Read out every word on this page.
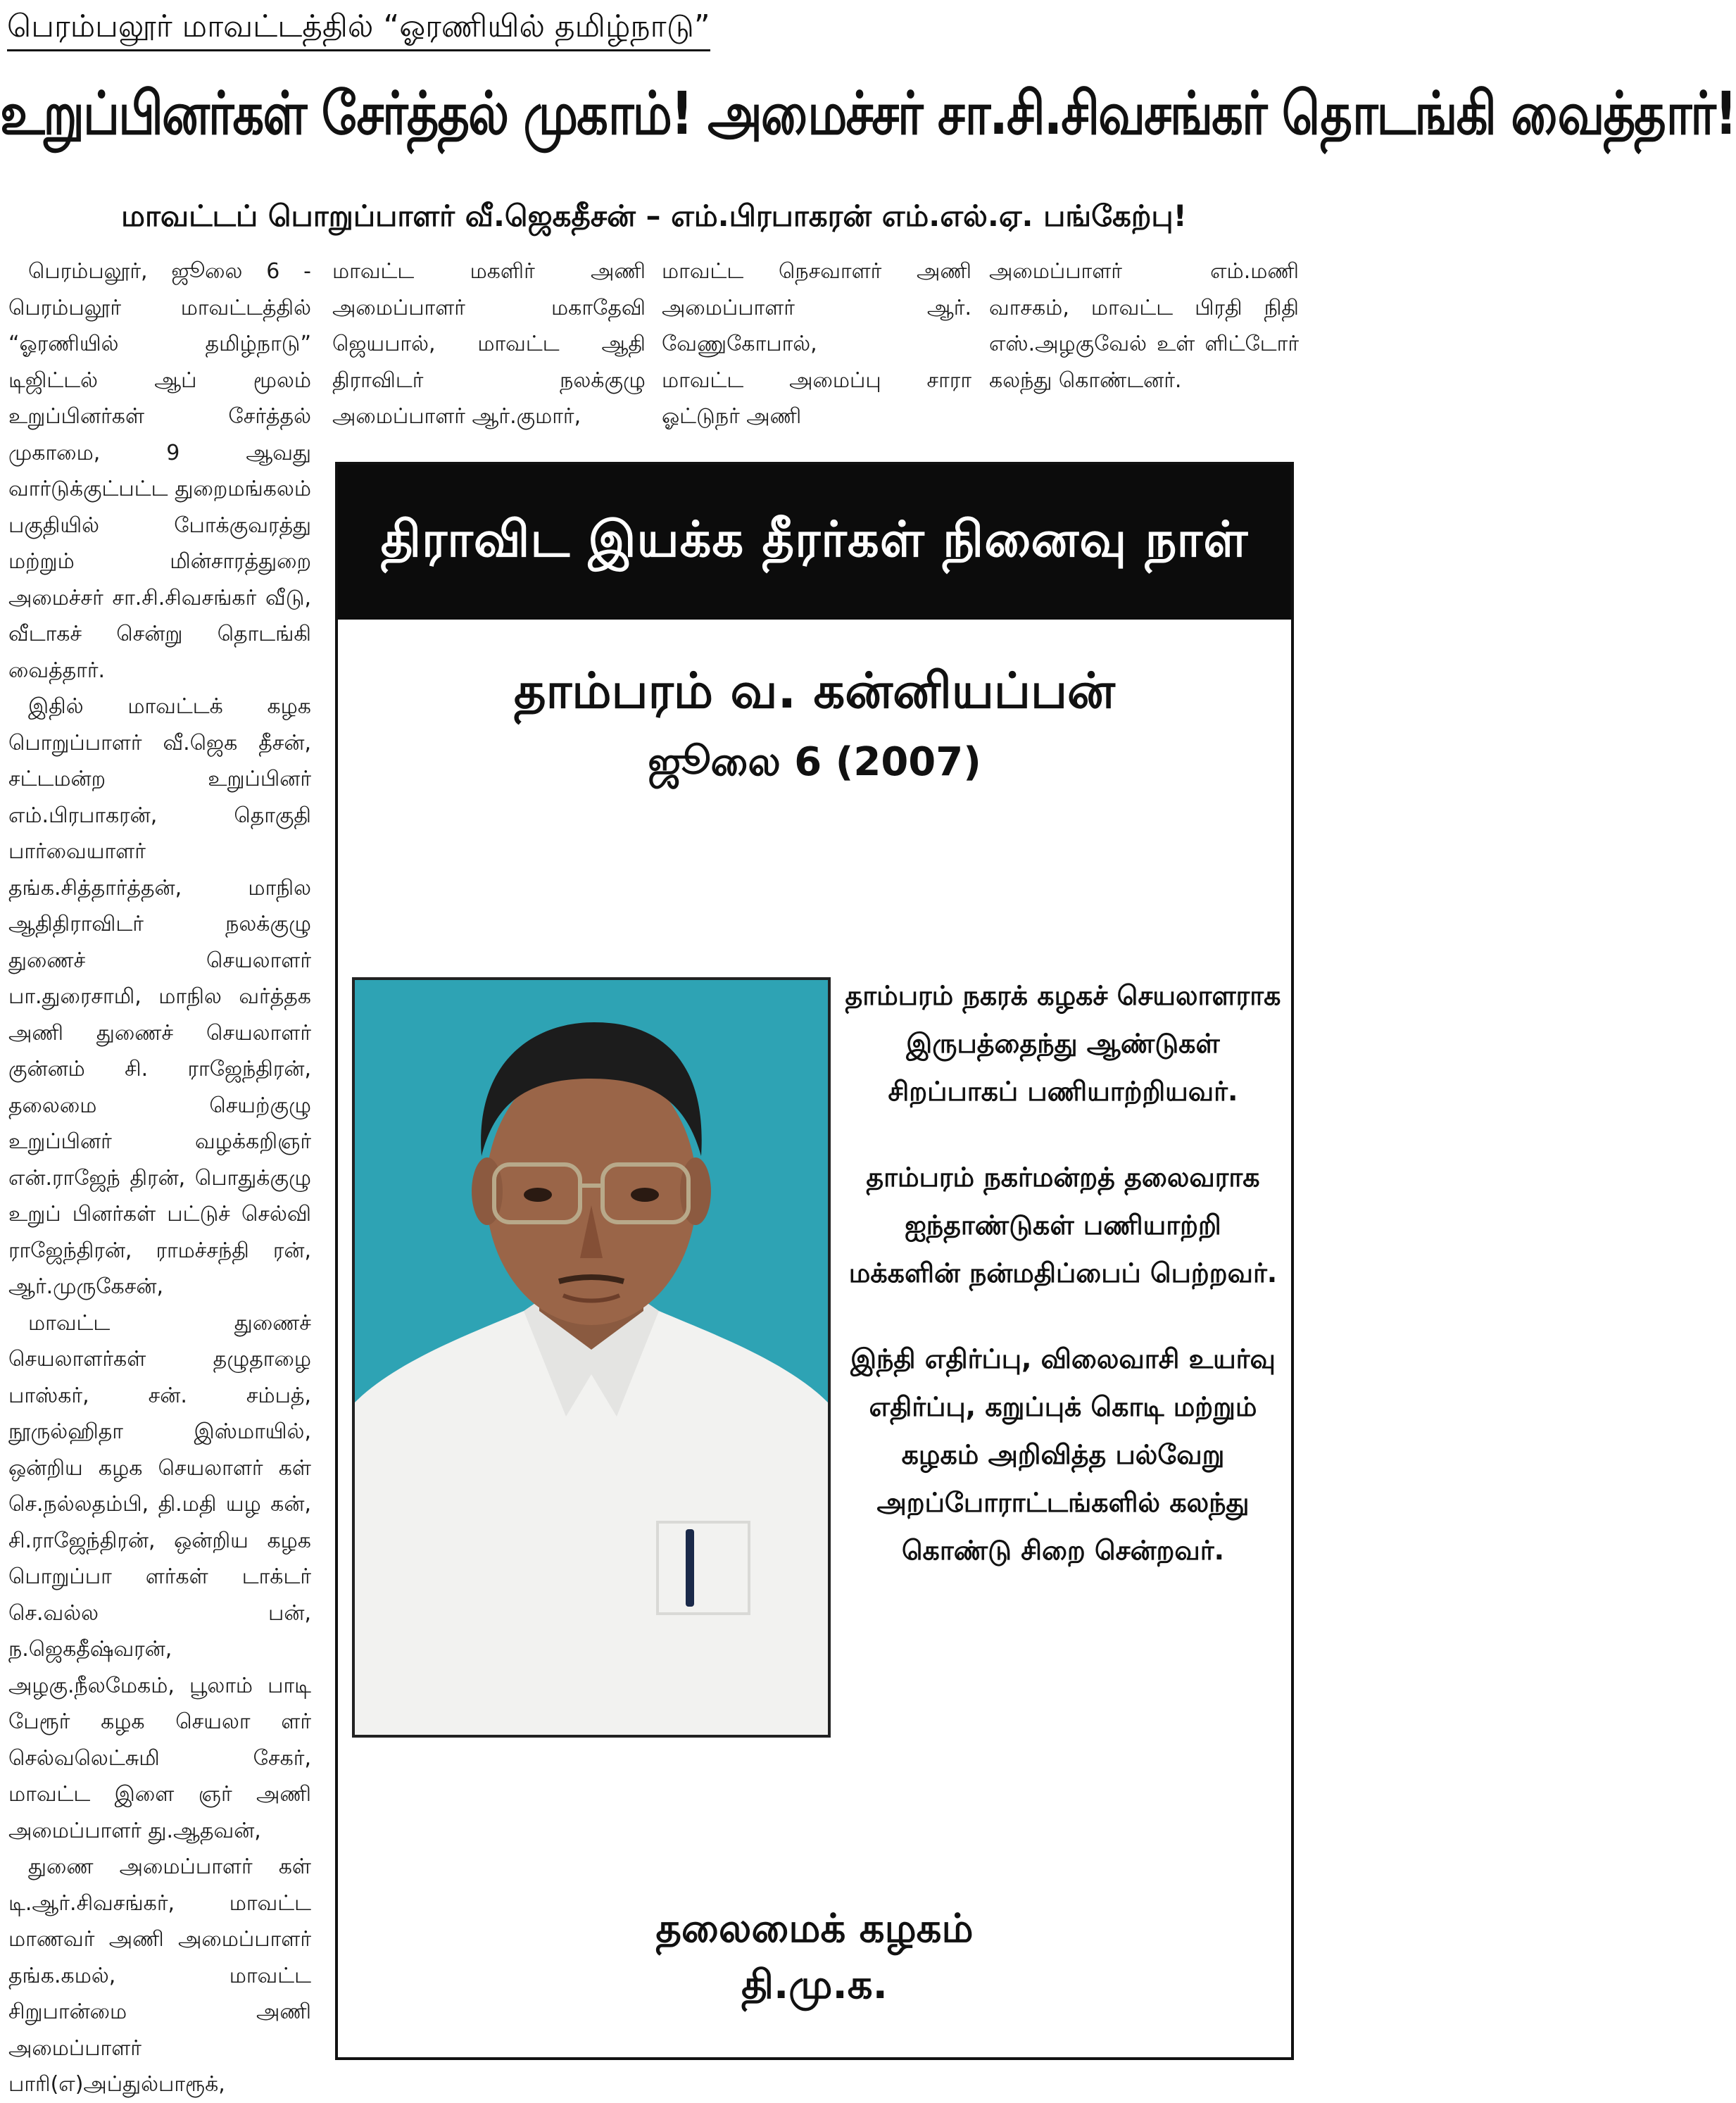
பெரம்பலூர் மாவட்டத்தில் “ஓரணியில் தமிழ்நாடு”
உறுப்பினர்கள் சேர்த்தல் முகாம்! அமைச்சர் சா.சி.சிவசங்கர் தொடங்கி வைத்தார்!
மாவட்டப் பொறுப்பாளர் வீ.ஜெகதீசன் – எம்.பிரபாகரன் எம்.எல்.ஏ. பங்கேற்பு!
பெரம்பலூர், ஜூலை 6 - பெரம்பலூர் மாவட்டத்தில் “ஓரணியில் தமிழ்நாடு” டிஜிட்டல் ஆப் மூலம் உறுப்பினர்கள் சேர்த்தல் முகாமை, 9 ஆவது வார்டுக்குட்பட்ட துறைமங்கலம் பகுதியில் போக்குவரத்து மற்றும் மின்சாரத்துறை அமைச்சர் சா.சி.சிவசங்கர் வீடு, வீடாகச் சென்று தொடங்கி வைத்தார்.
இதில் மாவட்டக் கழக பொறுப்பாளர் வீ.ஜெக தீசன், சட்டமன்ற உறுப்பினர் எம்.பிரபாகரன், தொகுதி பார்வையாளர் தங்க.சித்தார்த்தன், மாநில ஆதிதிராவிடர் நலக்குழு துணைச் செயலாளர் பா.துரைசாமி, மாநில வர்த்தக அணி துணைச் செயலாளர் குன்னம் சி. ராஜேந்திரன், தலைமை செயற்குழு உறுப்பினர் வழக்கறிஞர் என்.ராஜேந் திரன், பொதுக்குழு உறுப் பினர்கள் பட்டுச் செல்வி ராஜேந்திரன், ராமச்சந்தி ரன், ஆர்.முருகேசன்,
மாவட்ட துணைச் செயலாளர்கள் தழுதாழை பாஸ்கர், சன். சம்பத், நூருல்ஹிதா இஸ்மாயில், ஒன்றிய கழக செயலாளர் கள் செ.நல்லதம்பி, தி.மதி யழ கன், சி.ராஜேந்திரன், ஒன்றிய கழக பொறுப்பா ளர்கள் டாக்டர் செ.வல்ல பன், ந.ஜெகதீஷ்வரன், அழகு.நீலமேகம், பூலாம் பாடி பேரூர் கழக செயலா ளர் செல்வலெட்சுமி சேகர், மாவட்ட இளை ஞர் அணி அமைப்பாளர் து.ஆதவன்,
துணை அமைப்பாளர் கள் டி.ஆர்.சிவசங்கர், மாவட்ட மாணவர் அணி அமைப்பாளர் தங்க.கமல், மாவட்ட சிறுபான்மை அணி அமைப்பாளர் பாரி(எ)அப்துல்பாரூக்,
மாவட்ட மகளிர் அணி அமைப்பாளர் மகாதேவி ஜெயபால், மாவட்ட ஆதி திராவிடர் நலக்குழு அமைப்பாளர் ஆர்.குமார்,
மாவட்ட நெசவாளர் அணி அமைப்பாளர் ஆர். வேணுகோபால்,
மாவட்ட அமைப்பு சாரா ஓட்டுநர் அணி
அமைப்பாளர் எம்.மணி வாசகம், மாவட்ட பிரதி நிதி எஸ்.அழகுவேல் உள் ளிட்டோர் கலந்து கொண்டனர்.
திராவிட இயக்க தீரர்கள் நினைவு நாள்
தாம்பரம் வ. கன்னியப்பன்
ஜூலை 6 (2007)

தாம்பரம் நகரக் கழகச் செயலாளராக இருபத்தைந்து ஆண்டுகள் சிறப்பாகப் பணியாற்றியவர்.

தாம்பரம் நகர்மன்றத் தலைவராக ஐந்தாண்டுகள் பணியாற்றி மக்களின் நன்மதிப்பைப் பெற்றவர்.

இந்தி எதிர்ப்பு, விலைவாசி உயர்வு எதிர்ப்பு, கறுப்புக் கொடி மற்றும் கழகம் அறிவித்த பல்வேறு அறப்போராட்டங்களில் கலந்து கொண்டு சிறை சென்றவர்.

தலைமைக் கழகம்
தி.மு.க.
